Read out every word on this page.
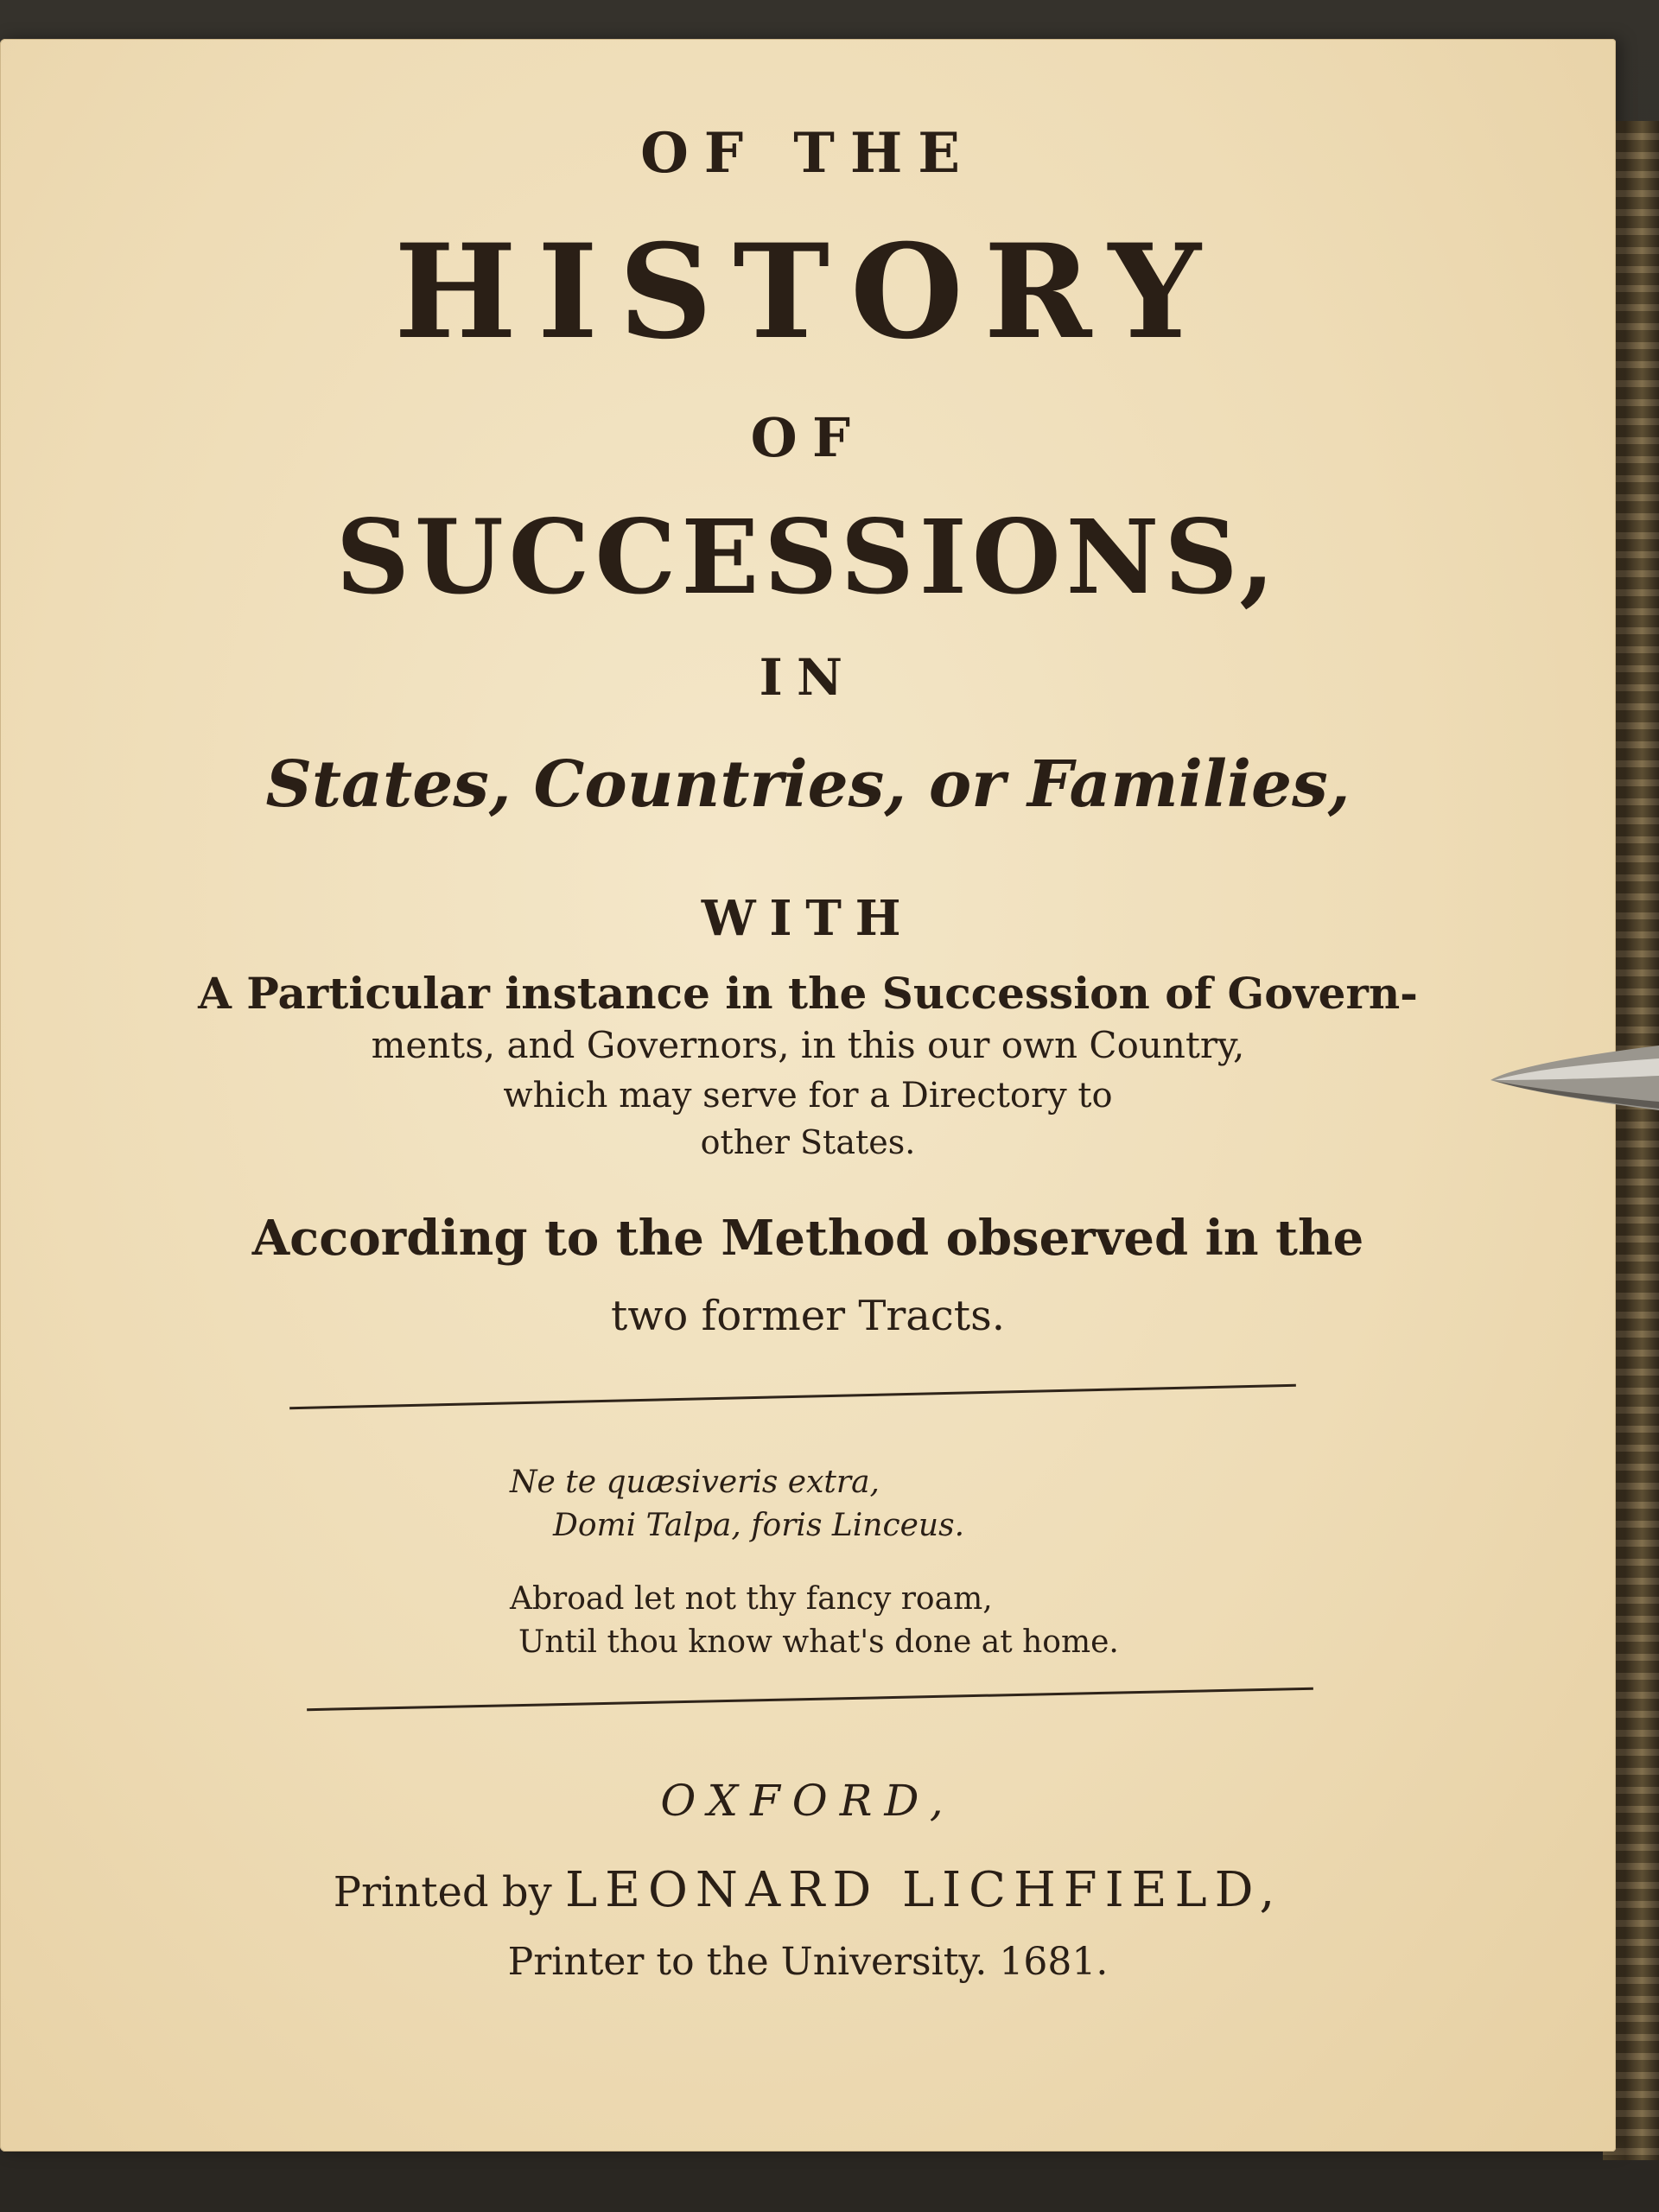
OF THE
HISTORY
OF
SUCCESSIONS,
IN
States, Countries, or Families,
WITH
A Particular instance in the Succession of Govern-
ments, and Governors, in this our own Country,
which may serve for a Directory to
other States.
According to the Method observed in the
two former Tracts.
Ne te quæsiveris extra,
Domi Talpa, foris Linceus.
Abroad let not thy fancy roam,
Until thou know what's done at home.
OXFORD,
Printed by LEONARD LICHFIELD,
Printer to the University. 1681.
